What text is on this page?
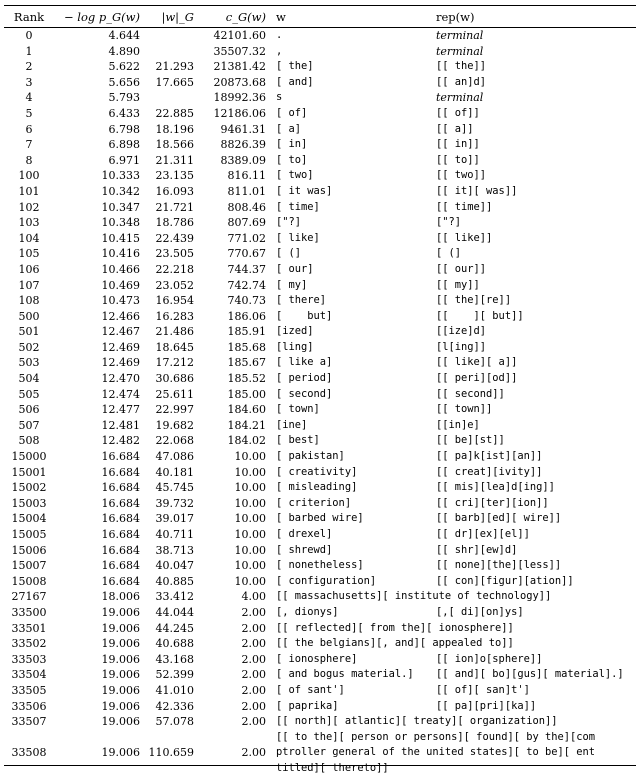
Rank	− log p_G(w)	|w|_G	c_G(w)	w	rep(w)
0	4.644		42101.60	.	terminal
1	4.890		35507.32	,	terminal
2	5.622	21.293	21381.42	[ the]	[[ the]]
3	5.656	17.665	20873.68	[ and]	[[ an]d]
4	5.793		18992.36	s	terminal
5	6.433	22.885	12186.06	[ of]	[[ of]]
6	6.798	18.196	9461.31	[ a]	[[ a]]
7	6.898	18.566	8826.39	[ in]	[[ in]]
8	6.971	21.311	8389.09	[ to]	[[ to]]
100	10.333	23.135	816.11	[ two]	[[ two]]
101	10.342	16.093	811.01	[ it was]	[[ it][ was]]
102	10.347	21.721	808.46	[ time]	[[ time]]
103	10.348	18.786	807.69	["?]	["?]
104	10.415	22.439	771.02	[ like]	[[ like]]
105	10.416	23.505	770.67	[ (]	[ (]
106	10.466	22.218	744.37	[ our]	[[ our]]
107	10.469	23.052	742.74	[ my]	[[ my]]
108	10.473	16.954	740.73	[ there]	[[ the][re]]
500	12.466	16.283	186.06	[    but]	[[    ][ but]]
501	12.467	21.486	185.91	[ized]	[[ize]d]
502	12.469	18.645	185.68	[ling]	[l[ing]]
503	12.469	17.212	185.67	[ like a]	[[ like][ a]]
504	12.470	30.686	185.52	[ period]	[[ peri][od]]
505	12.474	25.611	185.00	[ second]	[[ second]]
506	12.477	22.997	184.60	[ town]	[[ town]]
507	12.481	19.682	184.21	[ine]	[[in]e]
508	12.482	22.068	184.02	[ best]	[[ be][st]]
15000	16.684	47.086	10.00	[ pakistan]	[[ pa]k[ist][an]]
15001	16.684	40.181	10.00	[ creativity]	[[ creat][ivity]]
15002	16.684	45.745	10.00	[ misleading]	[[ mis][lea]d[ing]]
15003	16.684	39.732	10.00	[ criterion]	[[ cri][ter][ion]]
15004	16.684	39.017	10.00	[ barbed wire]	[[ barb][ed][ wire]]
15005	16.684	40.711	10.00	[ drexel]	[[ dr][ex][el]]
15006	16.684	38.713	10.00	[ shrewd]	[[ shr][ew]d]
15007	16.684	40.047	10.00	[ nonetheless]	[[ none][the][less]]
15008	16.684	40.885	10.00	[ configuration]	[[ con][figur][ation]]
27167	18.006	33.412	4.00	[[ massachusetts][ institute of technology]]	
33500	19.006	44.044	2.00	[, dionys]	[,[ di][on]ys]
33501	19.006	44.245	2.00	[[ reflected][ from the][ ionosphere]]	
33502	19.006	40.688	2.00	[[ the belgians][, and][ appealed to]]	
33503	19.006	43.168	2.00	[ ionosphere]	[[ ion]o[sphere]]
33504	19.006	52.399	2.00	[ and bogus material.]	[[ and][ bo][gus][ material].]
33505	19.006	41.010	2.00	[ of sant']	[[ of][ san]t']
33506	19.006	42.336	2.00	[ paprika]	[[ pa][pri][ka]]
33507	19.006	57.078	2.00	[[ north][ atlantic][ treaty][ organization]]	
33508	19.006	110.659	2.00	[[ to the][ person or persons][ found][ by the][com
ptroller general of the united states][ to be][ ent
titled][ thereto]]	
